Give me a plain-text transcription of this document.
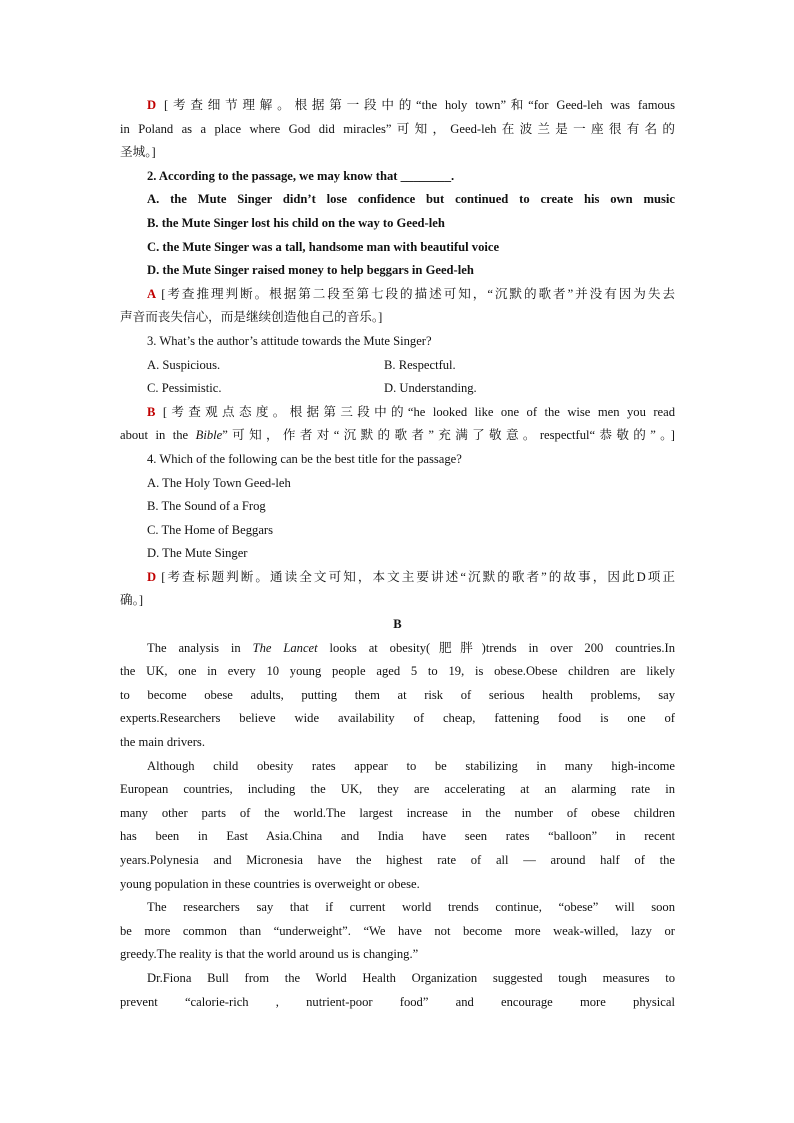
D [考查细节理解。根据第一段中的“the holy town”和“for Geed-leh was famous
in Poland as a place where God did miracles”可知，Geed-leh在波兰是一座很有名的
圣城。]
2. According to the passage, we may know that ________.
A. the Mute Singer didn’t lose confidence but continued to create his own music
B. the Mute Singer lost his child on the way to Geed-leh
C. the Mute Singer was a tall, handsome man with beautiful voice
D. the Mute Singer raised money to help beggars in Geed-leh
A [考查推理判断。根据第二段至第七段的描述可知，“沉默的歌者”并没有因为失去
声音而丧失信心，而是继续创造他自己的音乐。]
3. What’s the author’s attitude towards the Mute Singer?
A. Suspicious.	B. Respectful.
C. Pessimistic.	D. Understanding.
B [考查观点态度。根据第三段中的“he looked like one of the wise men you read
about in the Bible”可知，作者对“沉默的歌者”充满了敬意。respectful“恭敬的”。]
4. Which of the following can be the best title for the passage?
A. The Holy Town Geed-leh
B. The Sound of a Frog
C. The Home of Beggars
D. The Mute Singer
D [考查标题判断。通读全文可知，本文主要讲述“沉默的歌者”的故事，因此D项正
确。]
B
The analysis in The Lancet looks at obesity(肥胖)trends in over 200 countries.In
the UK, one in every 10 young people aged 5 to 19, is obese.Obese children are likely
to become obese adults, putting them at risk of serious health problems, say
experts.Researchers believe wide availability of cheap, fattening food is one of
the main drivers.
Although child obesity rates appear to be stabilizing in many high-income
European countries, including the UK, they are accelerating at an alarming rate in
many other parts of the world.The largest increase in the number of obese children
has been in East Asia.China and India have seen rates “balloon” in recent
years.Polynesia and Micronesia have the highest rate of all — around half of the
young population in these countries is overweight or obese.
The researchers say that if current world trends continue, “obese” will soon
be more common than “underweight”. “We have not become more weak-willed, lazy or
greedy.The reality is that the world around us is changing.”
Dr.Fiona Bull from the World Health Organization suggested tough measures to
prevent “calorie-rich , nutrient-poor food” and encourage more physical
